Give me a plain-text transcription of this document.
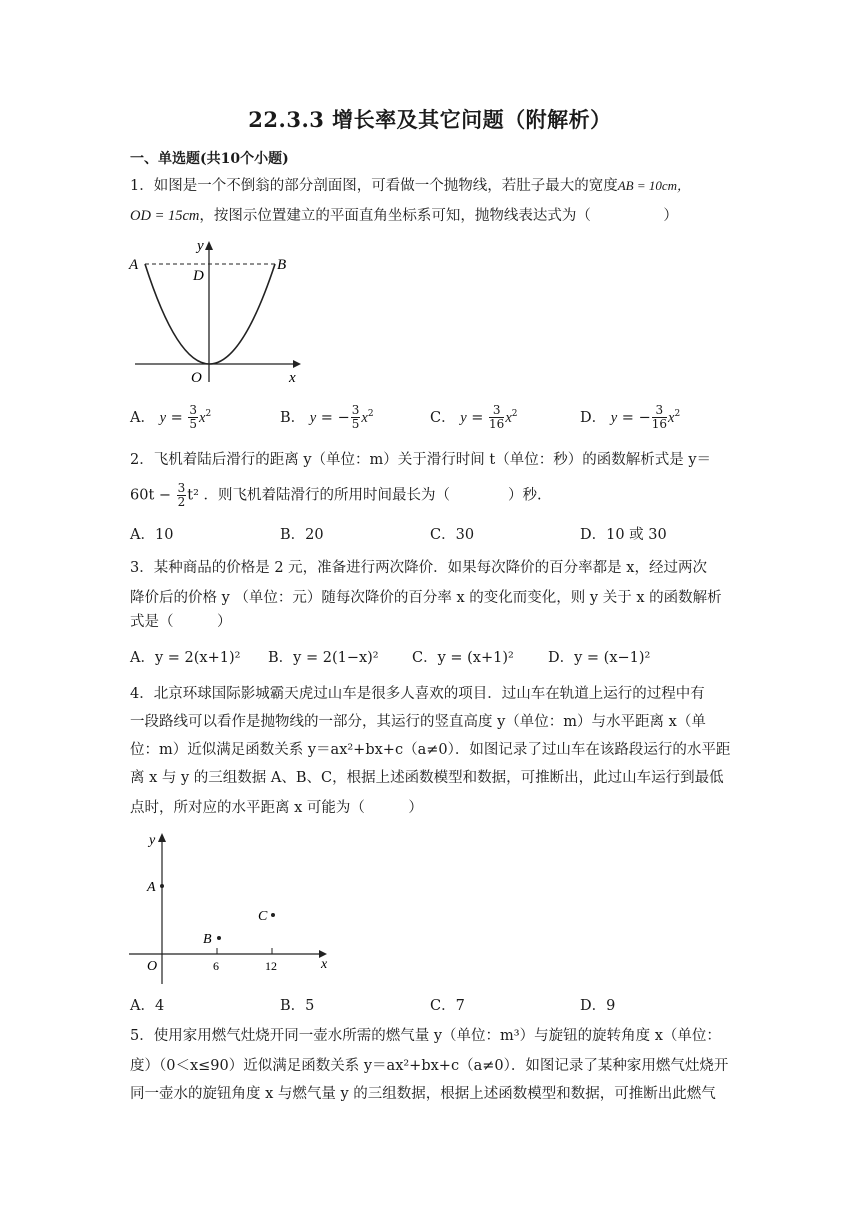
22.3.3 增长率及其它问题（附解析）
一、单选题(共10个小题)
1．如图是一个不倒翁的部分剖面图，可看做一个抛物线，若肚子最大的宽度AB = 10cm，
OD = 15cm，按图示位置建立的平面直角坐标系可知，抛物线表达式为（　　　　　）
y
x
A	B
D
O
A． $y = \frac{3}{5} x^2$	B． y = − $\frac{3}{5} x^2$	C． $y = \frac{3}{16} x^2$	D． y = − $\frac{3}{16} x^2$
2．飞机着陆后滑行的距离 y（单位：m）关于滑行时间 t（单位：秒）的函数解析式是 y＝
$60t - \frac{3}{2} t^2$ ．则飞机着陆滑行的所用时间最长为（　　　　）秒.
A．10	B．20	C．30	D．10 或 30
3．某种商品的价格是 2 元，准备进行两次降价．如果每次降价的百分率都是 x，经过两次
降价后的价格 y （单位：元）随每次降价的百分率 x 的变化而变化，则 y 关于 x 的函数解析
式是（　　　）
A．y = 2(x+1)² B．y = 2(1−x)² C．y = (x+1)² D．y = (x−1)²
4．北京环球国际影城霸天虎过山车是很多人喜欢的项目．过山车在轨道上运行的过程中有
一段路线可以看作是抛物线的一部分，其运行的竖直高度 y（单位：m）与水平距离 x（单
位：m）近似满足函数关系 y＝ax²+bx+c（a≠0）．如图记录了过山车在该路段运行的水平距
离 x 与 y 的三组数据 A、B、C，根据上述函数模型和数据，可推断出，此过山车运行到最低
点时，所对应的水平距离 x 可能为（　　　）
y
x
O
A
B
C
6	12
A．4	B．5	C．7	D．9
5．使用家用燃气灶烧开同一壶水所需的燃气量 y（单位：m³）与旋钮的旋转角度 x（单位：
度）（0＜x≤90）近似满足函数关系 y＝ax²+bx+c（a≠0）．如图记录了某种家用燃气灶烧开
同一壶水的旋钮角度 x 与燃气量 y 的三组数据，根据上述函数模型和数据，可推断出此燃气
